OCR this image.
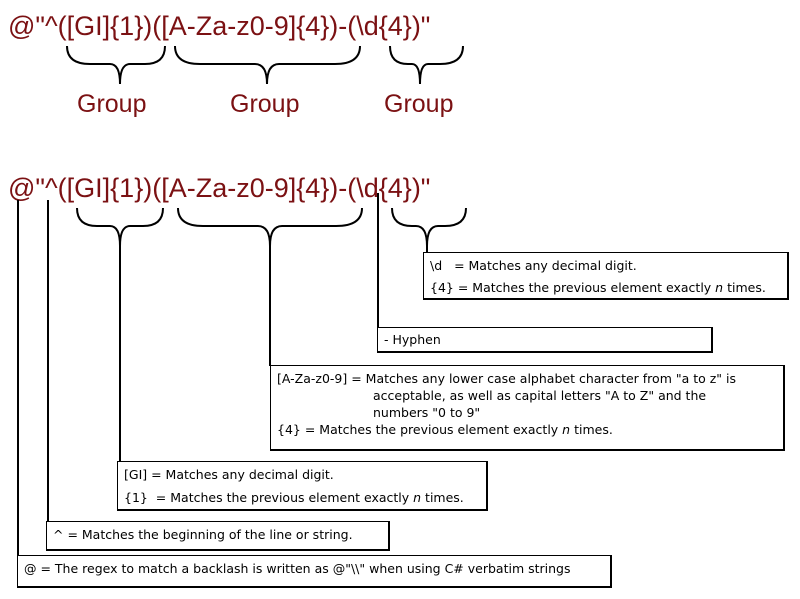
@"^([GI]{1})([A-Za-z0-9]{4})-(\d{4})"
Group	Group	Group
@"^([GI]{1})([A-Za-z0-9]{4})-(\d{4})"
\d   = Matches any decimal digit.
{4} = Matches the previous element exactly n times.
- Hyphen
[A-Za-z0-9] = Matches any lower case alphabet character from "a to z" is
acceptable, as well as capital letters "A to Z" and the
numbers "0 to 9"
{4} = Matches the previous element exactly n times.
[GI] = Matches any decimal digit.
{1}  = Matches the previous element exactly n times.
^ = Matches the beginning of the line or string.
@ = The regex to match a backlash is written as @"\\" when using C# verbatim strings
